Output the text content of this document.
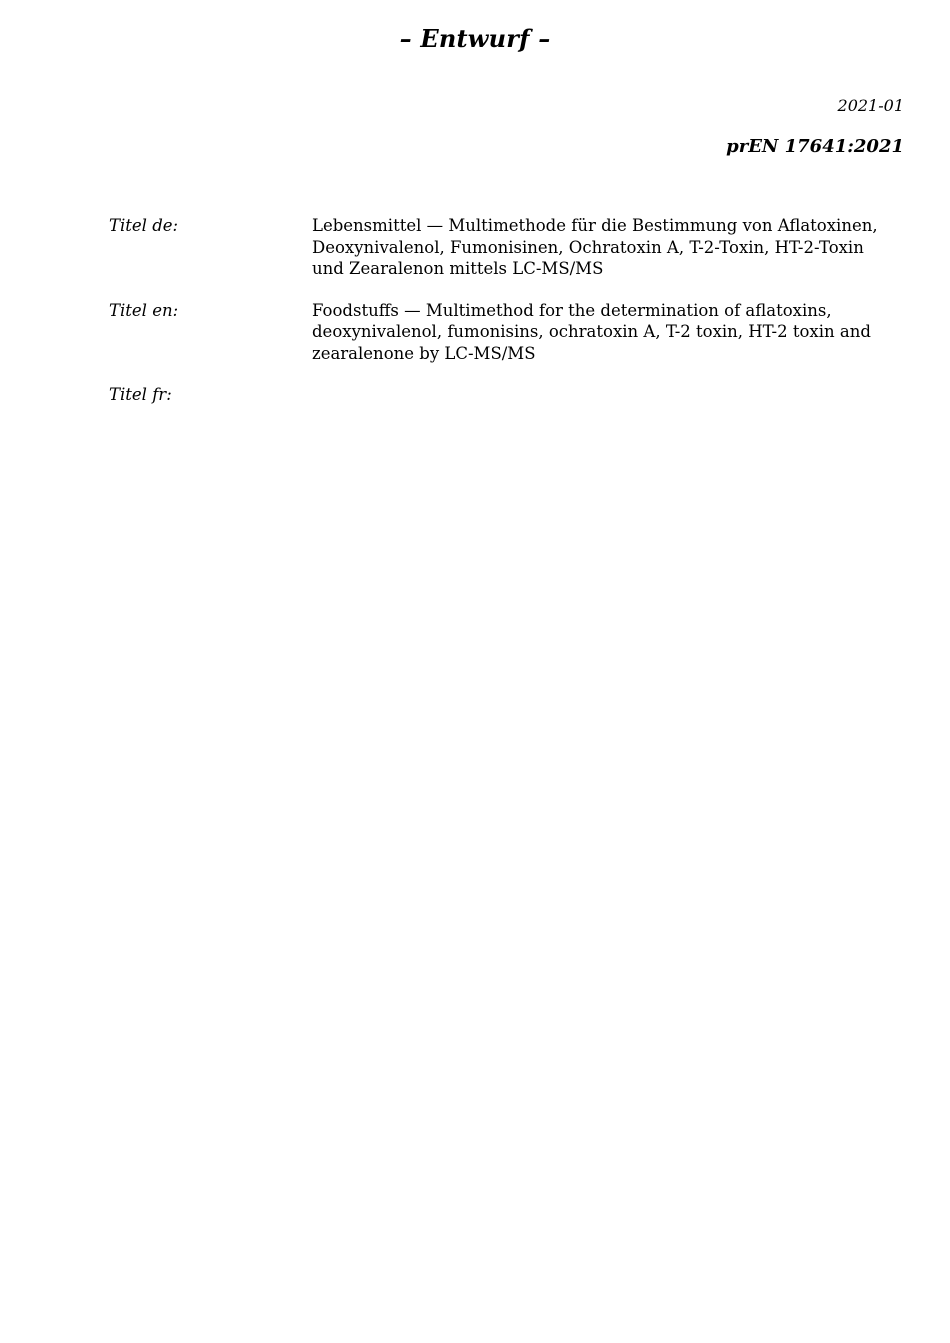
– Entwurf –
2021-01
prEN 17641:2021
Titel de:	Lebensmittel — Multimethode für die Bestimmung von Aflatoxinen, Deoxynivalenol, Fumonisinen, Ochratoxin A, T-2-Toxin, HT-2-Toxin und Zearalenon mittels LC-MS/MS
Titel en:	Foodstuffs — Multimethod for the determination of aflatoxins, deoxynivalenol, fumonisins, ochratoxin A, T-2 toxin, HT-2 toxin and zearalenone by LC-MS/MS
Titel fr:
